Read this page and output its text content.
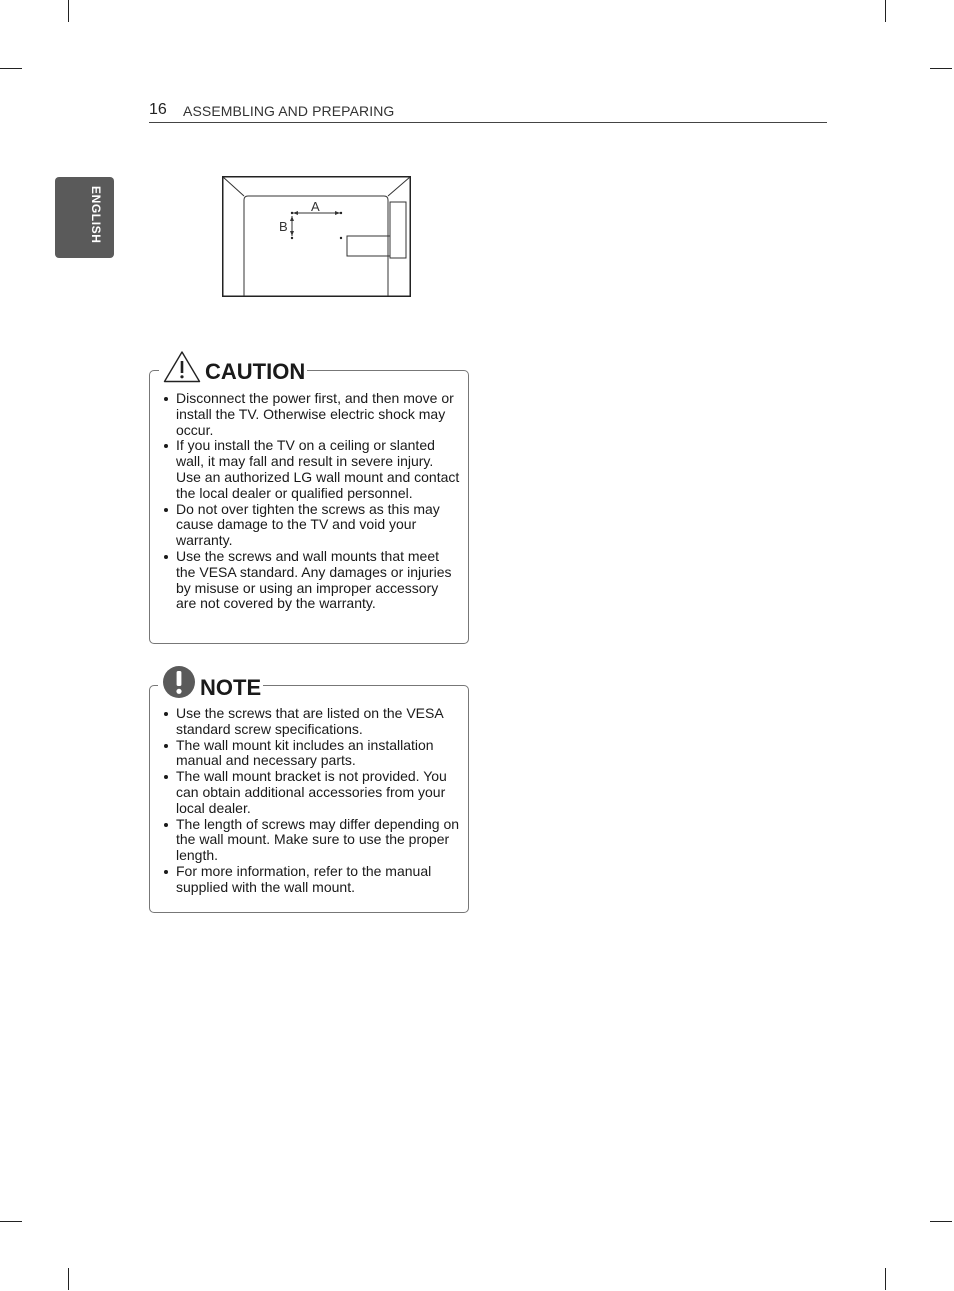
16 ASSEMBLING AND PREPARING
ENGLISH	A
B
CAUTION
Disconnect the power first, and then move or install the TV. Otherwise electric shock may occur.
If you install the TV on a ceiling or slanted wall, it may fall and result in severe injury. Use an authorized LG wall mount and contact the local dealer or qualified personnel.
Do not over tighten the screws as this may cause damage to the TV and void your warranty.
Use the screws and wall mounts that meet the VESA standard. Any damages or injuries by misuse or using an improper accessory are not covered by the warranty.
NOTE
Use the screws that are listed on the VESA standard screw specifications.
The wall mount kit includes an installation manual and necessary parts.
The wall mount bracket is not provided. You can obtain additional accessories from your local dealer.
The length of screws may differ depending on the wall mount. Make sure to use the proper length.
For more information, refer to the manual supplied with the wall mount.
